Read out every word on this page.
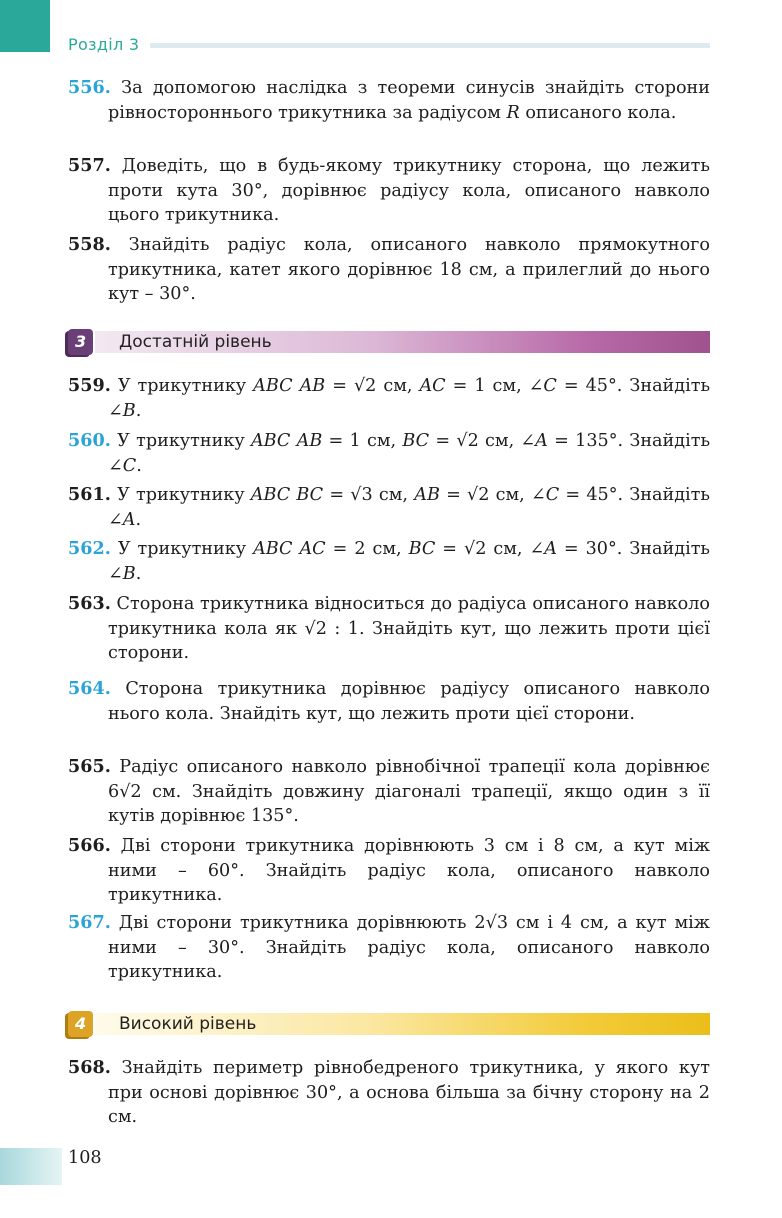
Розділ 3

556. За допомогою наслідка з теореми синусів знайдіть сторони рівностороннього трикутника за радіусом R описаного кола.

557. Доведіть, що в будь-якому трикутнику сторона, що лежить проти кута 30°, дорівнює радіусу кола, описаного навколо цього трикутника.

558. Знайдіть радіус кола, описаного навколо прямокутного трикутника, катет якого дорівнює 18 см, а прилеглий до нього кут – 30°.

3 Достатній рівень

559. У трикутнику ABC AB = √2 см, AC = 1 см, ∠C = 45°. Знайдіть ∠B.

560. У трикутнику ABC AB = 1 см, BC = √2 см, ∠A = 135°. Знайдіть ∠C.

561. У трикутнику ABC BC = √3 см, AB = √2 см, ∠C = 45°. Знайдіть ∠A.

562. У трикутнику ABC AC = 2 см, BC = √2 см, ∠A = 30°. Знайдіть ∠B.

563. Сторона трикутника відноситься до радіуса описаного навколо трикутника кола як √2 : 1. Знайдіть кут, що лежить проти цієї сторони.

564. Сторона трикутника дорівнює радіусу описаного навколо нього кола. Знайдіть кут, що лежить проти цієї сторони.

565. Радіус описаного навколо рівнобічної трапеції кола дорівнює 6√2 см. Знайдіть довжину діагоналі трапеції, якщо один з її кутів дорівнює 135°.

566. Дві сторони трикутника дорівнюють 3 см і 8 см, а кут між ними – 60°. Знайдіть радіус кола, описаного навколо трикутника.

567. Дві сторони трикутника дорівнюють 2√3 см і 4 см, а кут між ними – 30°. Знайдіть радіус кола, описаного навколо трикутника.

4 Високий рівень

568. Знайдіть периметр рівнобедреного трикутника, у якого кут при основі дорівнює 30°, а основа більша за бічну сторону на 2 см.

108
